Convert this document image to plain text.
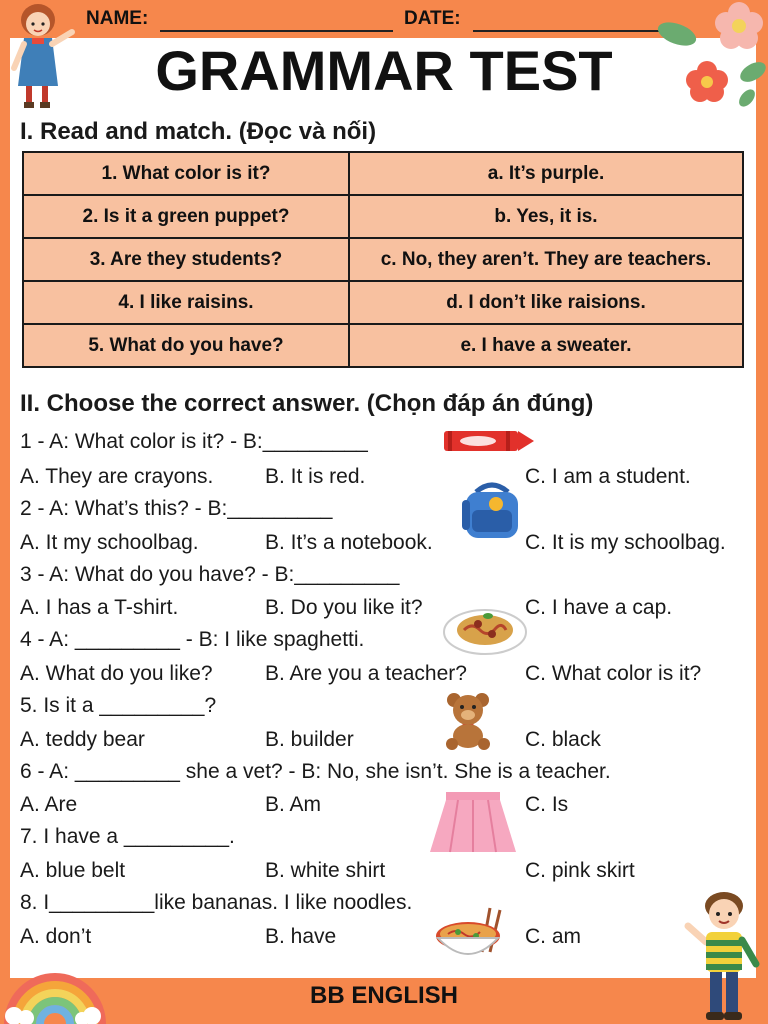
NAME:	DATE:
GRAMMAR TEST
I. Read and match. (Đọc và nối)
1. What color is it?	a. It’s purple.
2. Is it a green puppet?	b. Yes, it is.
3. Are they students?	c. No, they aren’t. They are teachers.
4. I like raisins.	d. I don’t like raisions.
5. What do you have?	e. I have a sweater.
II. Choose the correct answer. (Chọn đáp án đúng)
1 - A: What color is it? - B:_________
A. They are crayons. B. It is red.	C. I am a student.
2 - A: What’s this? - B:_________
A. It my schoolbag.	B. It’s a notebook.	C. It is my schoolbag.
3 - A: What do you have? - B:_________
A. I has a T-shirt.	B. Do you like it?	C. I have a cap.
4 - A: _________ - B: I like spaghetti.
A. What do you like? B. Are you a teacher?	C. What color is it?
5. Is it a _________?
A. teddy bear	B. builder	C. black
6 - A: _________ she a vet? - B: No, she isn’t. She is a teacher.
A. Are	B. Am	C. Is
7. I have a _________.
A. blue belt	B. white shirt	C. pink skirt
8. I_________like bananas. I like noodles.
A. don’t	B. have	C. am
BB ENGLISH
